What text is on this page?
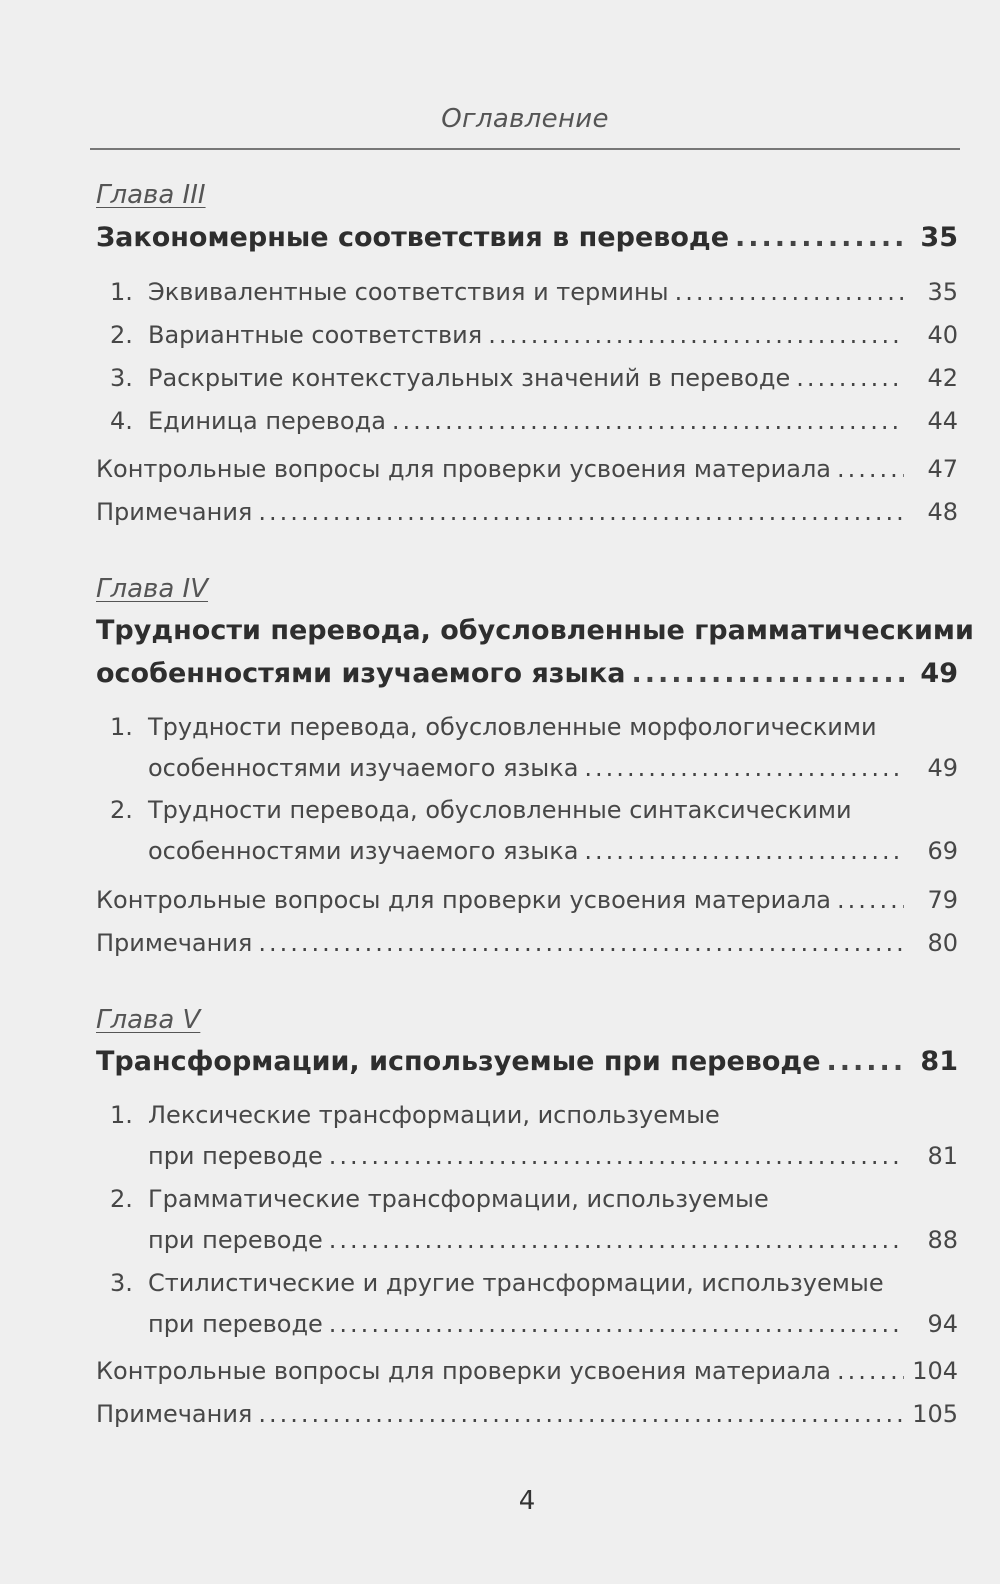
Оглавление
Глава III
Закономерные соответствия в переводе .....	35
1. Эквивалентные соответствия и термины .....	35
2. Вариантные соответствия .....	40
3. Раскрытие контекстуальных значений в переводе .....	42
4. Единица перевода .....	44
Контрольные вопросы для проверки усвоения материала .....	47
Примечания .....	48
Глава IV
Трудности перевода, обусловленные грамматическими
особенностями изучаемого языка .....	49
1. Трудности перевода, обусловленные морфологическими
особенностями изучаемого языка .....	49
2. Трудности перевода, обусловленные синтаксическими
особенностями изучаемого языка .....	69
Контрольные вопросы для проверки усвоения материала .....	79
Примечания .....	80
Глава V
Трансформации, используемые при переводе .....	81
1. Лексические трансформации, используемые
при переводе .....	81
2. Грамматические трансформации, используемые
при переводе .....	88
3. Стилистические и другие трансформации, используемые
при переводе .....	94
Контрольные вопросы для проверки усвоения материала .....	104
Примечания .....	105
4
